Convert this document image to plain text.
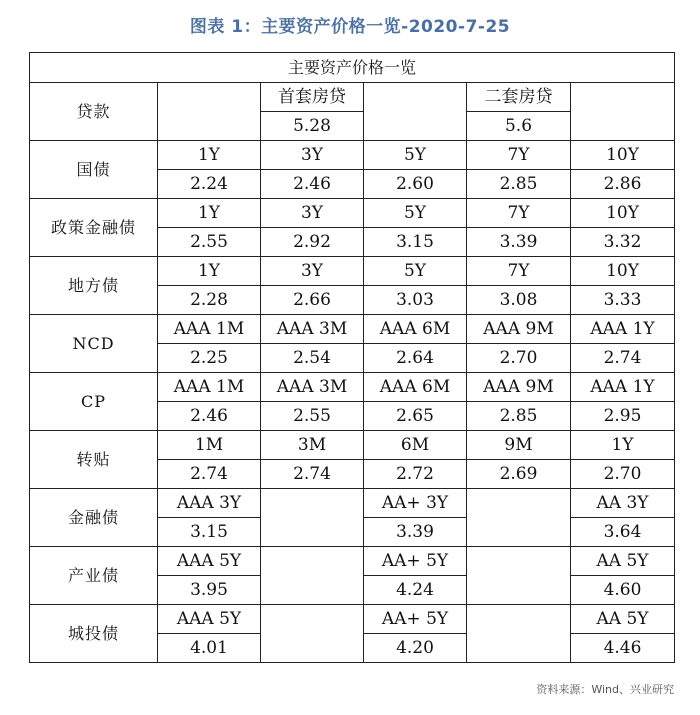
图表 1：主要资产价格一览-2020-7-25
主要资产价格一览					
贷款		首套房贷		二套房贷	
		5.28		5.6	
国债	1Y	3Y	5Y	7Y	10Y
	2.24	2.46	2.60	2.85	2.86
政策金融债	1Y	3Y	5Y	7Y	10Y
	2.55	2.92	3.15	3.39	3.32
地方债	1Y	3Y	5Y	7Y	10Y
	2.28	2.66	3.03	3.08	3.33
NCD	AAA 1M	AAA 3M	AAA 6M	AAA 9M	AAA 1Y
	2.25	2.54	2.64	2.70	2.74
CP	AAA 1M	AAA 3M	AAA 6M	AAA 9M	AAA 1Y
	2.46	2.55	2.65	2.85	2.95
转贴	1M	3M	6M	9M	1Y
	2.74	2.74	2.72	2.69	2.70
金融债	AAA 3Y		AA+ 3Y		AA 3Y
	3.15		3.39		3.64
产业债	AAA 5Y		AA+ 5Y		AA 5Y
	3.95		4.24		4.60
城投债	AAA 5Y		AA+ 5Y		AA 5Y
	4.01		4.20		4.46
资料来源：Wind、兴业研究
